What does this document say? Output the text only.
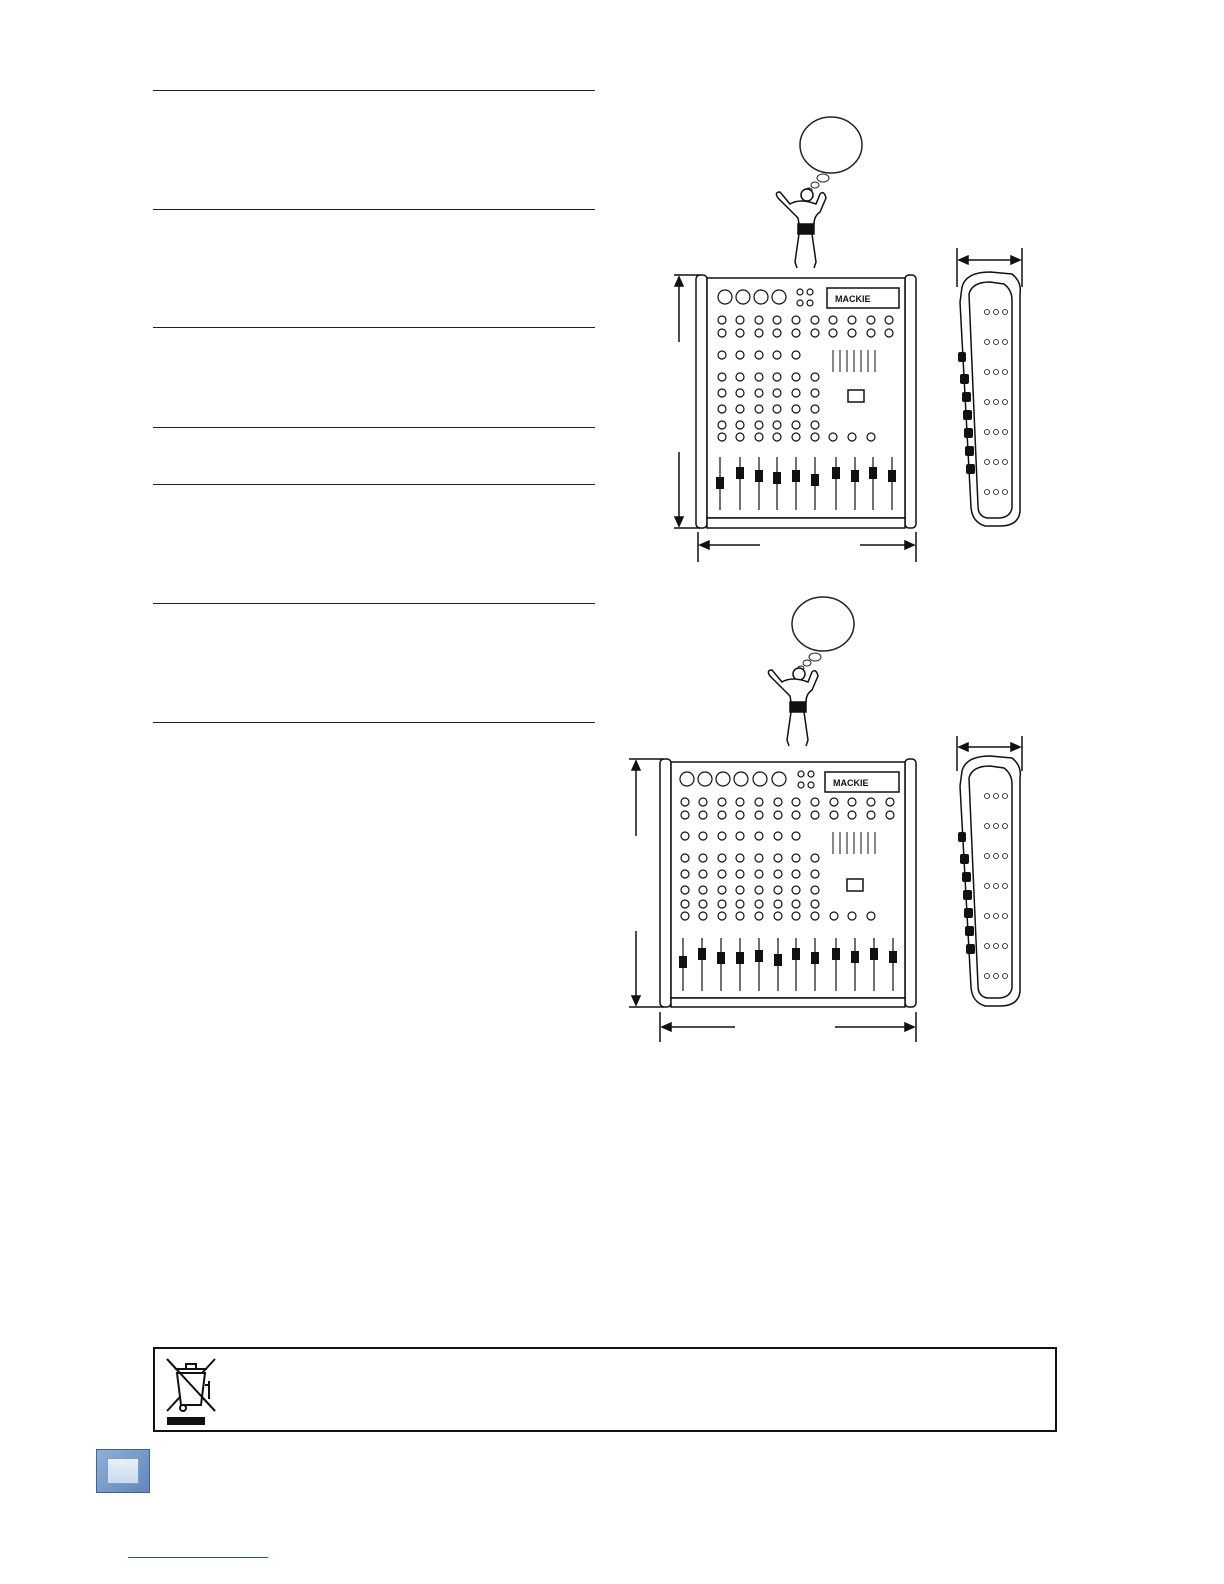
MACKIE
MACKIE
